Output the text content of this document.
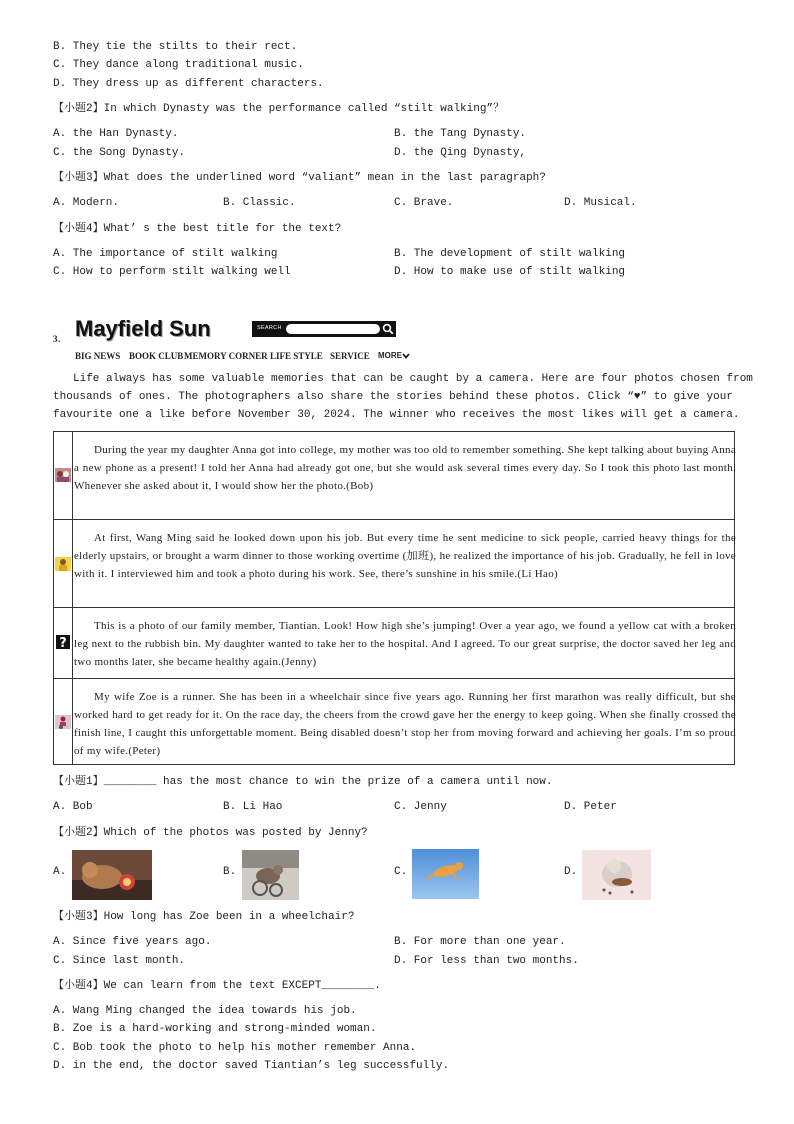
B. They tie the stilts to their rect.
C. They dance along traditional music.
D. They dress up as different characters.
【小题2】In which Dynasty was the performance called “stilt walking”？
A. the Han Dynasty.	B. the Tang Dynasty.
C. the Song Dynasty.	D. the Qing Dynasty,
【小题3】What does the underlined word “valiant” mean in the last paragraph?
A. Modern.	B. Classic.	C. Brave.	D. Musical.
【小题4】What’ s the best title for the text?
A. The importance of stilt walking	B. The development of stilt walking
C. How to perform stilt walking well	D. How to make use of stilt walking
3. Mayfield Sun	SEARCH
BIG NEWS BOOK CLUB MEMORY CORNER LIFE STYLE SERVICE MORE
Life always has some valuable memories that can be caught by a camera. Here are four photos chosen from
thousands of ones. The photographers also share the stories behind these photos. Click “♥” to give your
favourite one a like before November 30, 2024. The winner who receives the most likes will get a camera.
During the year my daughter Anna got into college, my mother was too old to remember something. She kept talking about buying Anna a new phone as a present! I told her Anna had already got one, but she would ask several times every day. So I took this photo last month. Whenever she asked about it, I would show her the photo.(Bob)
At first, Wang Ming said he looked down upon his job. But every time he sent medicine to sick people, carried heavy things for the elderly upstairs, or brought a warm dinner to those working overtime (加班), he realized the importance of his job. Gradually, he fell in love with it. I interviewed him and took a photo during his work. See, there’s sunshine in his smile.(Li Hao)
?
This is a photo of our family member, Tiantian. Look! How high she’s jumping! Over a year ago, we found a yellow cat with a broken leg next to the rubbish bin. My daughter wanted to take her to the hospital. And I agreed. To our great surprise, the doctor saved her leg and two months later, she became healthy again.(Jenny)
My wife Zoe is a runner. She has been in a wheelchair since five years ago. Running her first marathon was really difficult, but she worked hard to get ready for it. On the race day, the cheers from the crowd gave her the energy to keep going. When she finally crossed the finish line, I caught this unforgettable moment. Being disabled doesn’t stop her from moving forward and achieving her goals. I’m so proud of my wife.(Peter)
【小题1】________ has the most chance to win the prize of a camera until now.
A. Bob	B. Li Hao	C. Jenny	D. Peter
【小题2】Which of the photos was posted by Jenny?
A.	B.	C.	D.
【小题3】How long has Zoe been in a wheelchair?
A. Since five years ago.	B. For more than one year.
C. Since last month.	D. For less than two months.
【小题4】We can learn from the text EXCEPT________.
A. Wang Ming changed the idea towards his job.
B. Zoe is a hard-working and strong-minded woman.
C. Bob took the photo to help his mother remember Anna.
D. in the end, the doctor saved Tiantian’s leg successfully.
